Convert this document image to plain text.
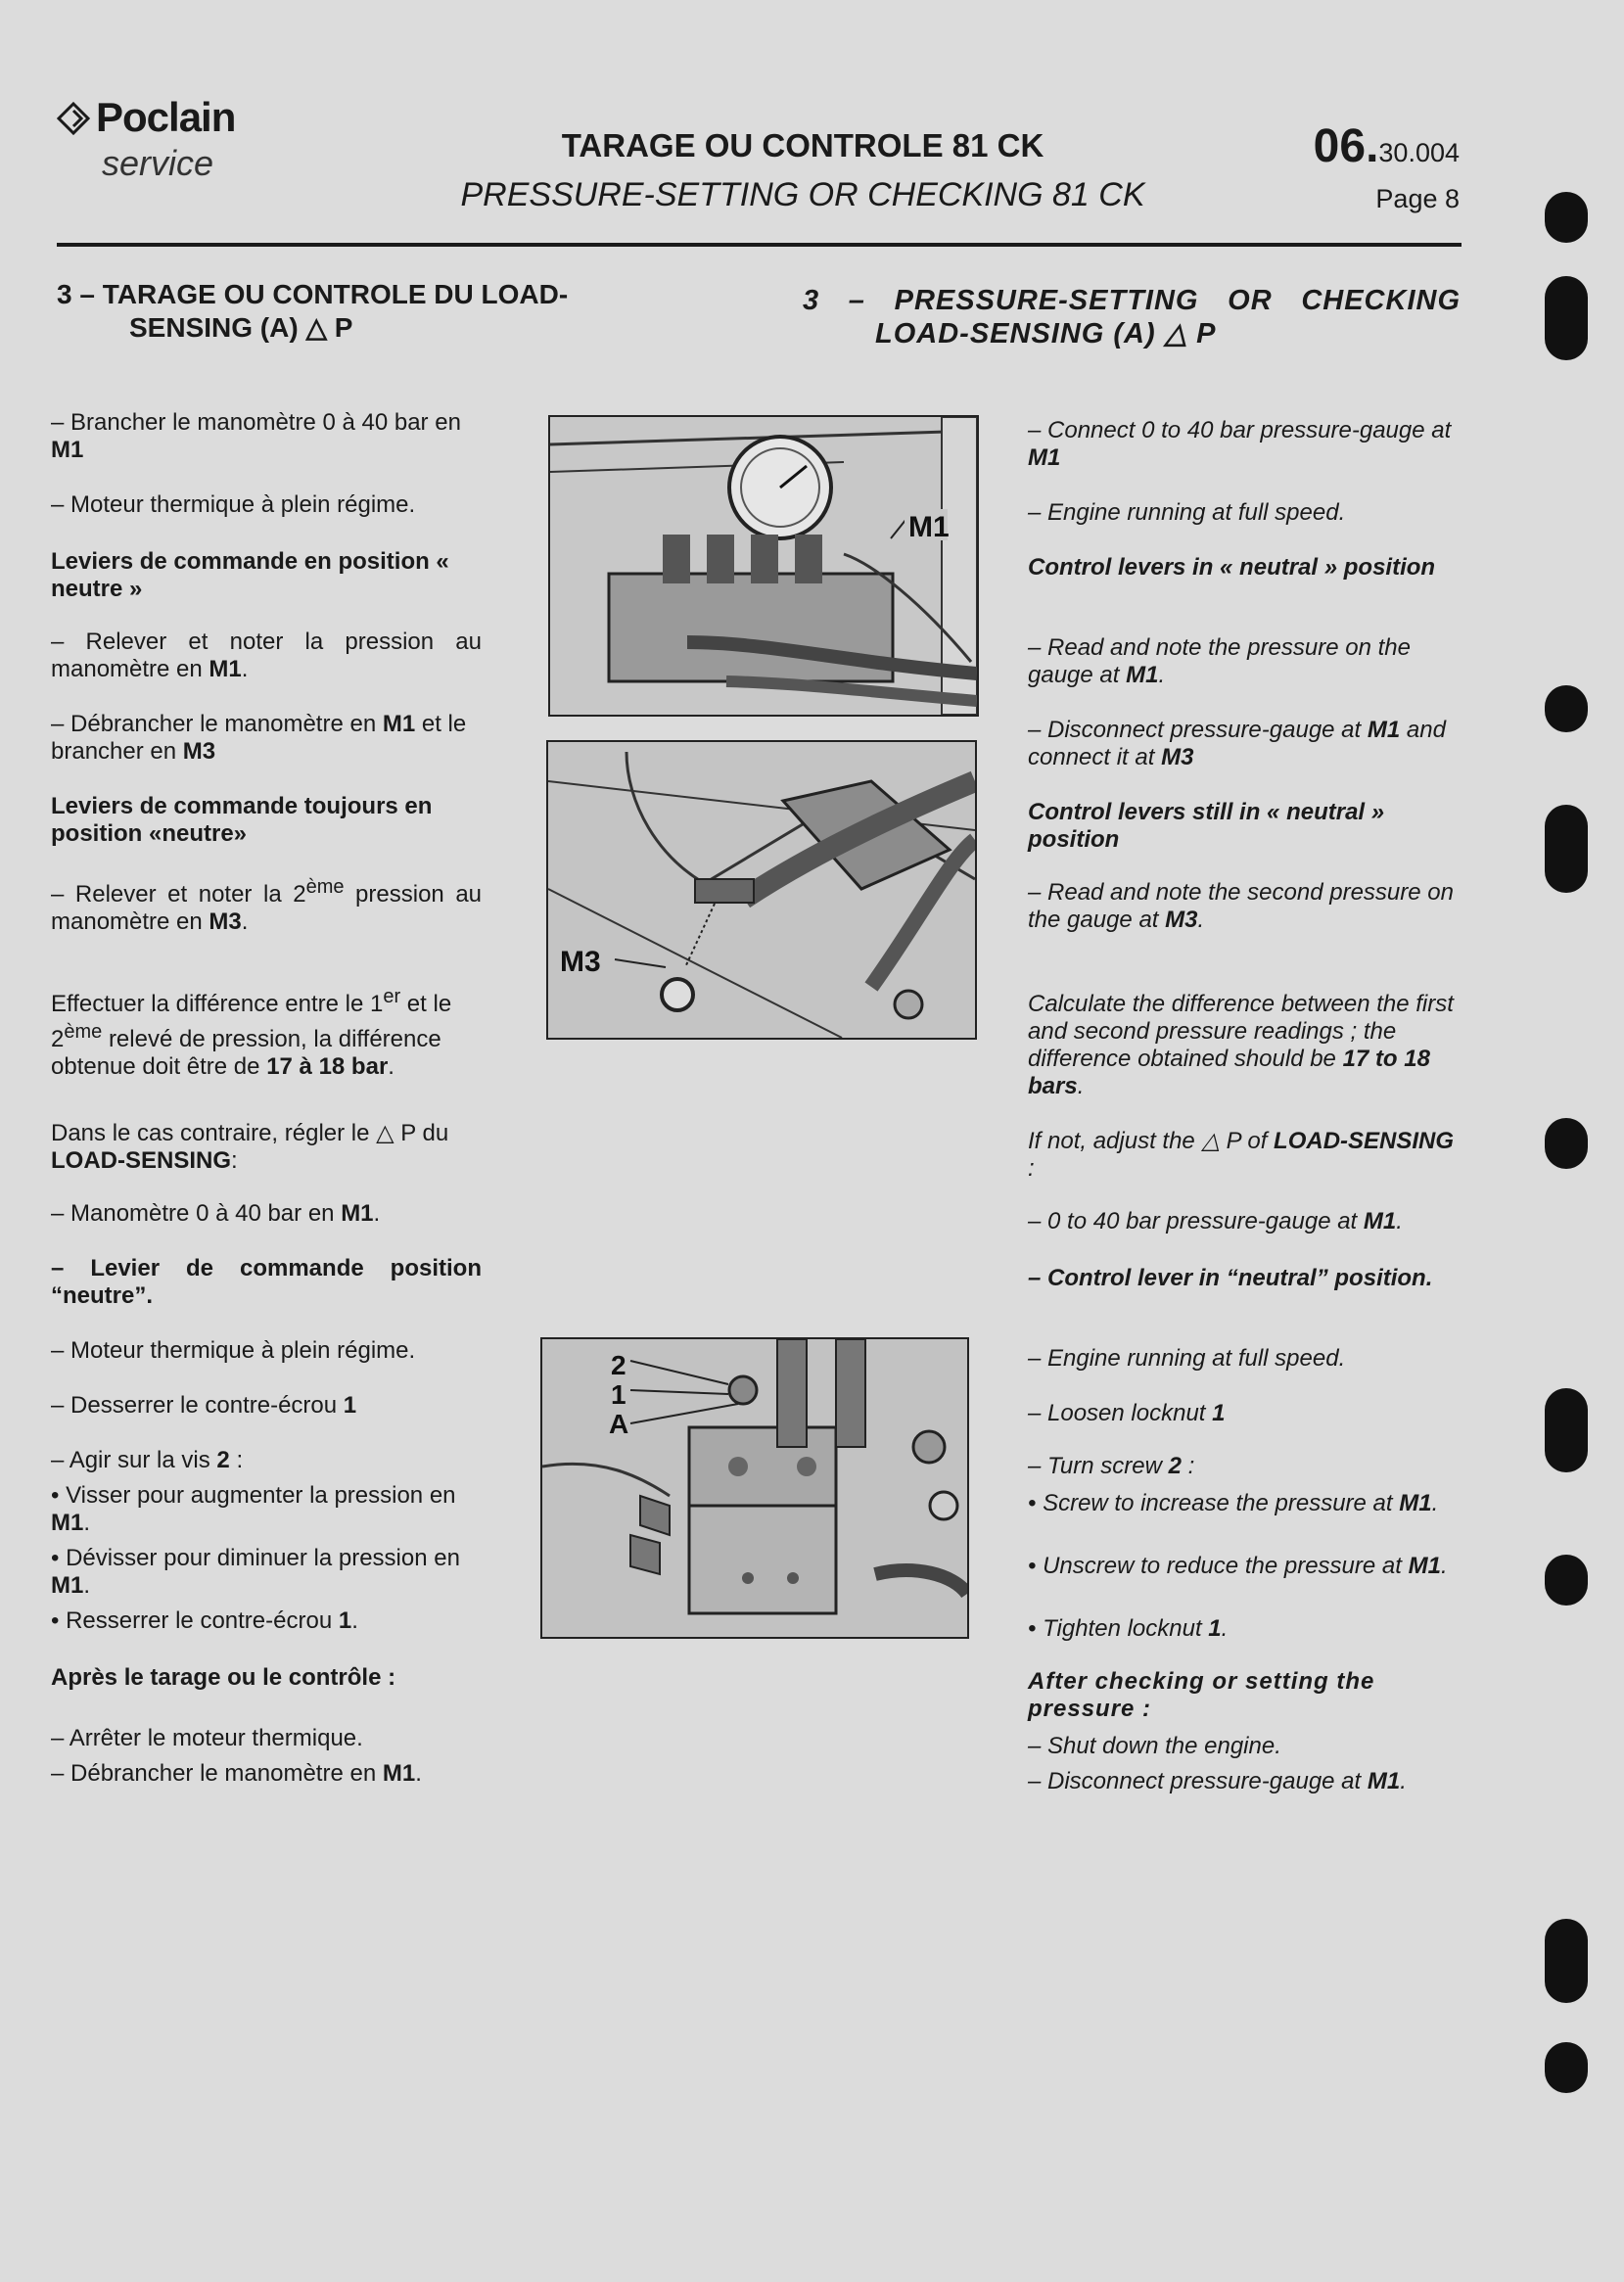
Poclain
service	TARAGE OU CONTROLE 81 CK
PRESSURE-SETTING OR CHECKING 81 CK
06.30.004
Page 8
3 – TARAGE OU CONTROLE DU LOAD-
SENSING (A) △ P
3 – PRESSURE-SETTING OR CHECKING
LOAD-SENSING (A) △ P
M1
M3
2
1
A
– Brancher le manomètre 0 à 40 bar en M1
– Moteur thermique à plein régime.
Leviers de commande en position « neutre »
– Relever et noter la pression au manomètre en M1.
– Débrancher le manomètre en M1 et le brancher en M3
Leviers de commande toujours en position «neutre»
– Relever et noter la 2ème pression au manomètre en M3.
Effectuer la différence entre le 1er et le 2ème relevé de pression, la différence obtenue doit être de 17 à 18 bar.
Dans le cas contraire, régler le △ P du LOAD-SENSING:
– Manomètre 0 à 40 bar en M1.
– Levier de commande position “neutre”.
– Moteur thermique à plein régime.
– Desserrer le contre-écrou 1
– Agir sur la vis 2 :
• Visser pour augmenter la pression en M1.
• Dévisser pour diminuer la pression en M1.
• Resserrer le contre-écrou 1.
Après le tarage ou le contrôle :
– Arrêter le moteur thermique.
– Débrancher le manomètre en M1.
– Connect 0 to 40 bar pressure-gauge at M1
– Engine running at full speed.
Control levers in « neutral » position
– Read and note the pressure on the gauge at M1.
– Disconnect pressure-gauge at M1 and connect it at M3
Control levers still in « neutral » position
– Read and note the second pressure on the gauge at M3.
Calculate the difference between the first and second pressure readings ; the difference obtained should be 17 to 18 bars.
If not, adjust the △ P of LOAD-SENSING :
– 0 to 40 bar pressure-gauge at M1.
– Control lever in “neutral” position.
– Engine running at full speed.
– Loosen locknut 1
– Turn screw 2 :
• Screw to increase the pressure at M1.
• Unscrew to reduce the pressure at M1.
• Tighten locknut 1.
After checking or setting the pressure :
– Shut down the engine.
– Disconnect pressure-gauge at M1.
